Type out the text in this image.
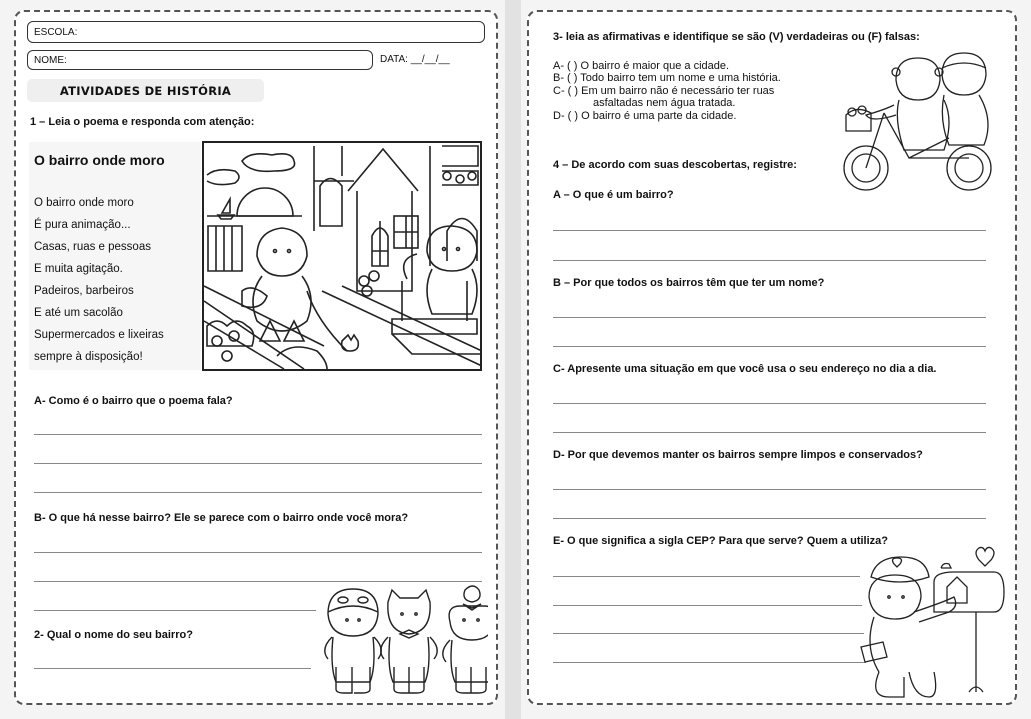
ESCOLA:
NOME:	DATA: __/__/__
ATIVIDADES DE HISTÓRIA
1 – Leia o poema e responda com atenção:
O bairro onde moro
O bairro onde moro
É pura animação...
Casas, ruas e pessoas
E muita agitação.
Padeiros, barbeiros
E até um sacolão
Supermercados e lixeiras
sempre à disposição!
A- Como é o bairro que o poema fala?
B- O que há nesse bairro? Ele se parece com o bairro onde você mora?
2- Qual o nome do seu bairro?
3- leia as afirmativas e identifique se são (V) verdadeiras ou (F) falsas:
A- ( ) O bairro é maior que a cidade.
B- ( ) Todo bairro tem um nome e uma história.
C- ( ) Em um bairro não é necessário ter ruas
asfaltadas nem água tratada.
D- ( ) O bairro é uma parte da cidade.
4 – De acordo com suas descobertas, registre:
A – O que é um bairro?
B – Por que todos os bairros têm que ter um nome?
C- Apresente uma situação em que você usa o seu endereço no dia a dia.
D- Por que devemos manter os bairros sempre limpos e conservados?
E- O que significa a sigla CEP? Para que serve? Quem a utiliza?
